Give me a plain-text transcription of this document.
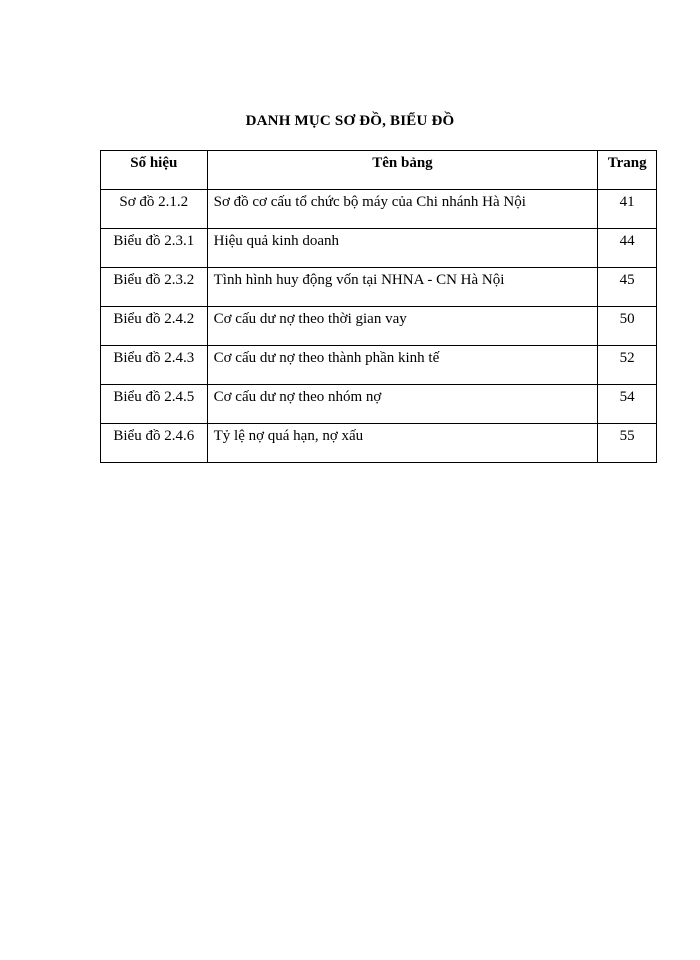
DANH MỤC SƠ ĐỒ, BIỂU ĐỒ
Số hiệu	Tên bảng	Trang
Sơ đồ 2.1.2	Sơ đồ cơ cấu tổ chức bộ máy của Chi nhánh Hà Nội	41
Biểu đồ 2.3.1	Hiệu quả kinh doanh	44
Biểu đồ 2.3.2	Tình hình huy động vốn tại NHNA - CN Hà Nội	45
Biểu đồ 2.4.2	Cơ cấu dư nợ theo thời gian vay	50
Biểu đồ 2.4.3	Cơ cấu dư nợ theo thành phần kinh tế	52
Biểu đồ 2.4.5	Cơ cấu dư nợ theo nhóm nợ	54
Biểu đồ 2.4.6	Tỷ lệ nợ quá hạn, nợ xấu	55
